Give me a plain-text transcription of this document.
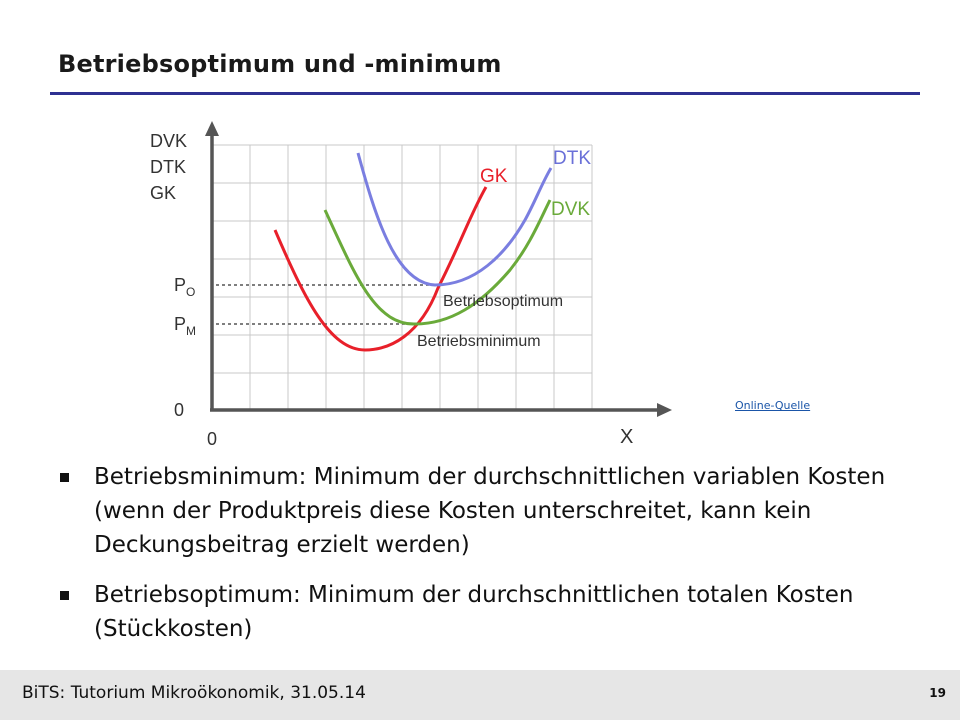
Betriebsoptimum und -minimum
DVK
DTK
GK
X
0
0
$P_O$
$P_M$
GK
DTK
DVK
Betriebsoptimum
Betriebsminimum
Online-Quelle
Betriebsminimum: Minimum der durchschnittlichen variablen Kosten (wenn der Produktpreis diese Kosten unterschreitet, kann kein Deckungsbeitrag erzielt werden)
Betriebsoptimum: Minimum der durchschnittlichen totalen Kosten (Stückkosten)
BiTS: Tutorium Mikroökonomik, 31.05.14	19
